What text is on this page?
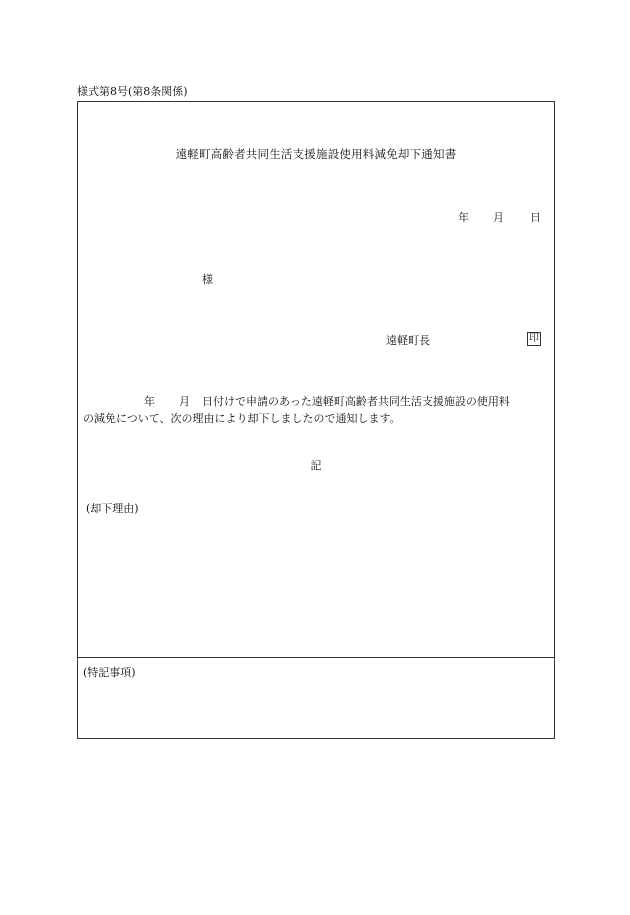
様式第8号(第8条関係)
遠軽町高齢者共同生活支援施設使用料減免却下通知書
年 月 日
様
遠軽町長	印
年 月 日付けで申請のあった遠軽町高齢者共同生活支援施設の使用料
の減免について、次の理由により却下しましたので通知します。
記
(却下理由)
(特記事項)
